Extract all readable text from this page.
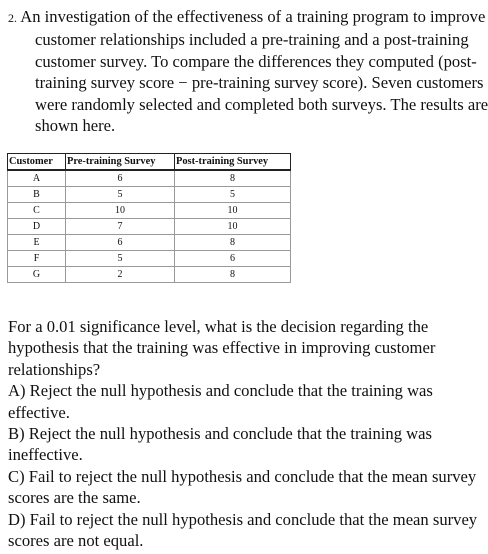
2. An investigation of the effectiveness of a training program to improve customer relationships included a pre-training and a post-training customer survey. To compare the differences they computed (post-training survey score − pre-training survey score). Seven customers were randomly selected and completed both surveys. The results are shown here.
Customer	Pre-training Survey	Post-training Survey
A	6	8
B	5	5
C	10	10
D	7	10
E	6	8
F	5	6
G	2	8

For a 0.01 significance level, what is the decision regarding the hypothesis that the training was effective in improving customer relationships?

A) Reject the null hypothesis and conclude that the training was effective.

B) Reject the null hypothesis and conclude that the training was ineffective.

C) Fail to reject the null hypothesis and conclude that the mean survey scores are the same.

D) Fail to reject the null hypothesis and conclude that the mean survey scores are not equal.
